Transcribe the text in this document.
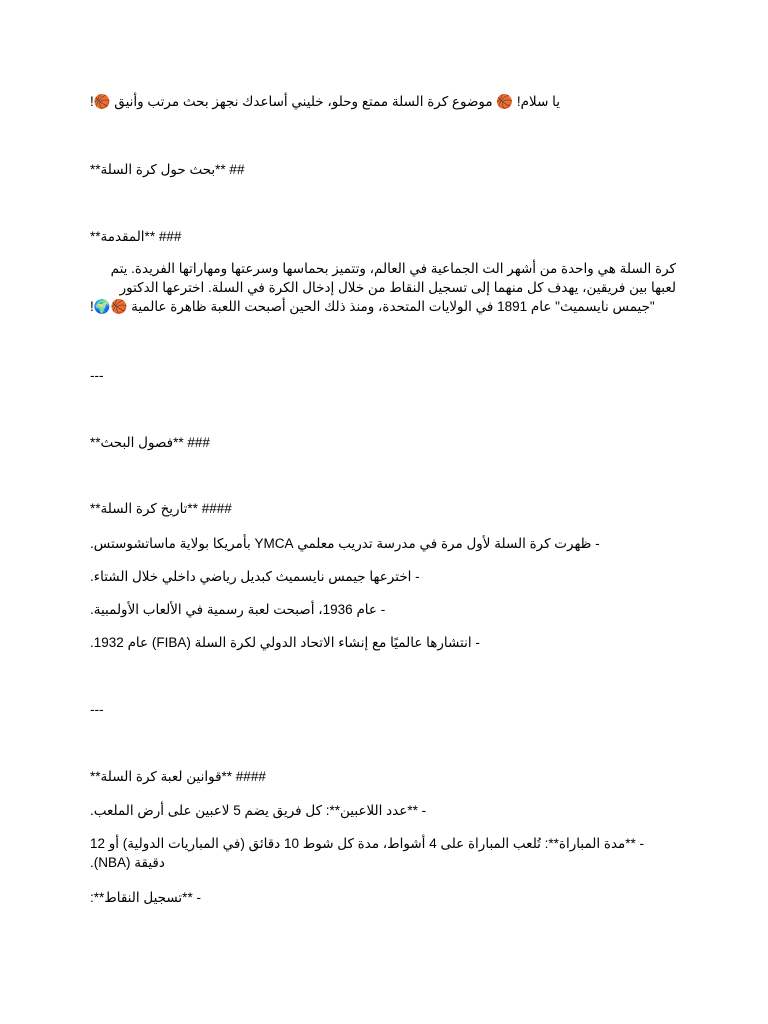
يا سلام! 🏀 موضوع كرة السلة ممتع وحلو، خليني أساعدك نجهز بحث مرتب وأنيق 🏀!
## **بحث حول كرة السلة**
### **المقدمة**
كرة السلة هي واحدة من أشهر الت الجماعية في العالم، وتتميز بحماسها وسرعتها ومهاراتها الفريدة. يتم
لعبها بين فريقين، يهدف كل منهما إلى تسجيل النقاط من خلال إدخال الكرة في السلة. اخترعها الدكتور
"جيمس نايسميث" عام 1891 في الولايات المتحدة، ومنذ ذلك الحين أصبحت اللعبة ظاهرة عالمية 🏀🌍!
---
### **فصول البحث**
#### **تاريخ كرة السلة**
- ظهرت كرة السلة لأول مرة في مدرسة تدريب معلمي YMCA بأمريكا بولاية ماساتشوستس.
- اخترعها جيمس نايسميث كبديل رياضي داخلي خلال الشتاء.
- عام 1936، أصبحت لعبة رسمية في الألعاب الأولمبية.
- انتشارها عالميًا مع إنشاء الاتحاد الدولي لكرة السلة (FIBA) عام 1932.
---
#### **قوانين لعبة كرة السلة**
- **عدد اللاعبين**: كل فريق يضم 5 لاعبين على أرض الملعب.
- **مدة المباراة**: تُلعب المباراة على 4 أشواط، مدة كل شوط 10 دقائق (في المباريات الدولية) أو 12
دقيقة (NBA).
- **تسجيل النقاط**:
